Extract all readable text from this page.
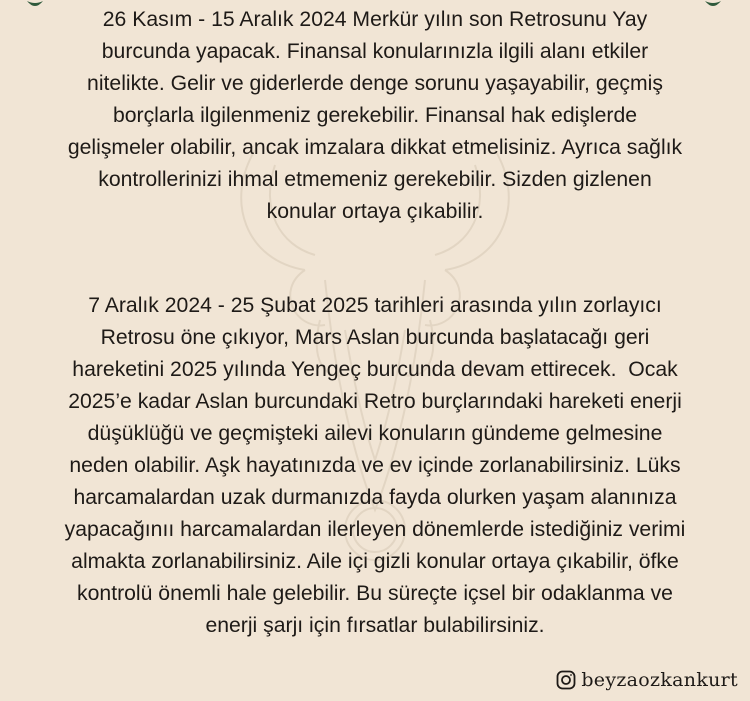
26 Kasım - 15 Aralık 2024 Merkür yılın son Retrosunu Yay
burcunda yapacak. Finansal konularınızla ilgili alanı etkiler
nitelikte. Gelir ve giderlerde denge sorunu yaşayabilir, geçmiş
borçlarla ilgilenmeniz gerekebilir. Finansal hak edişlerde
gelişmeler olabilir, ancak imzalara dikkat etmelisiniz. Ayrıca sağlık
kontrollerinizi ihmal etmemeniz gerekebilir. Sizden gizlenen
konular ortaya çıkabilir.
7 Aralık 2024 - 25 Şubat 2025 tarihleri arasında yılın zorlayıcı
Retrosu öne çıkıyor, Mars Aslan burcunda başlatacağı geri
hareketini 2025 yılında Yengeç burcunda devam ettirecek.  Ocak
2025’e kadar Aslan burcundaki Retro burçlarındaki hareketi enerji
düşüklüğü ve geçmişteki ailevi konuların gündeme gelmesine
neden olabilir. Aşk hayatınızda ve ev içinde zorlanabilirsiniz. Lüks
harcamalardan uzak durmanızda fayda olurken yaşam alanınıza
yapacağınıı harcamalardan ilerleyen dönemlerde istediğiniz verimi
almakta zorlanabilirsiniz. Aile içi gizli konular ortaya çıkabilir, öfke
kontrolü önemli hale gelebilir. Bu süreçte içsel bir odaklanma ve
enerji şarjı için fırsatlar bulabilirsiniz.
beyzaozkankurt
